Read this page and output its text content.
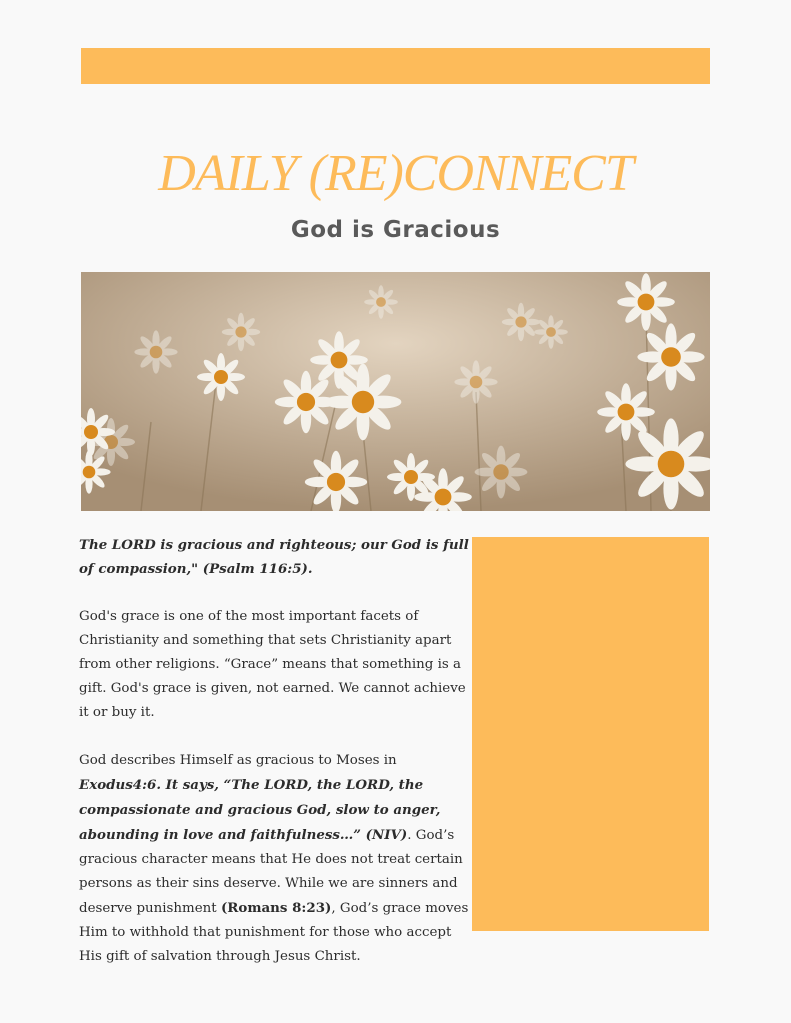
DAILY (RE)CONNECT
God is Gracious

The LORD is gracious and righteous; our God is full of compassion," (Psalm 116:5).

God's grace is one of the most important facets of Christianity and something that sets Christianity apart from other religions. “Grace” means that something is a gift. God's grace is given, not earned. We cannot achieve it or buy it.

God describes Himself as gracious to Moses in Exodus4:6. It says, “The LORD, the LORD, the compassionate and gracious God, slow to anger, abounding in love and faithfulness…” (NIV). God’s gracious character means that He does not treat certain persons as their sins deserve. While we are sinners and deserve punishment (Romans 8:23), God’s grace moves Him to withhold that punishment for those who accept His gift of salvation through Jesus Christ.
